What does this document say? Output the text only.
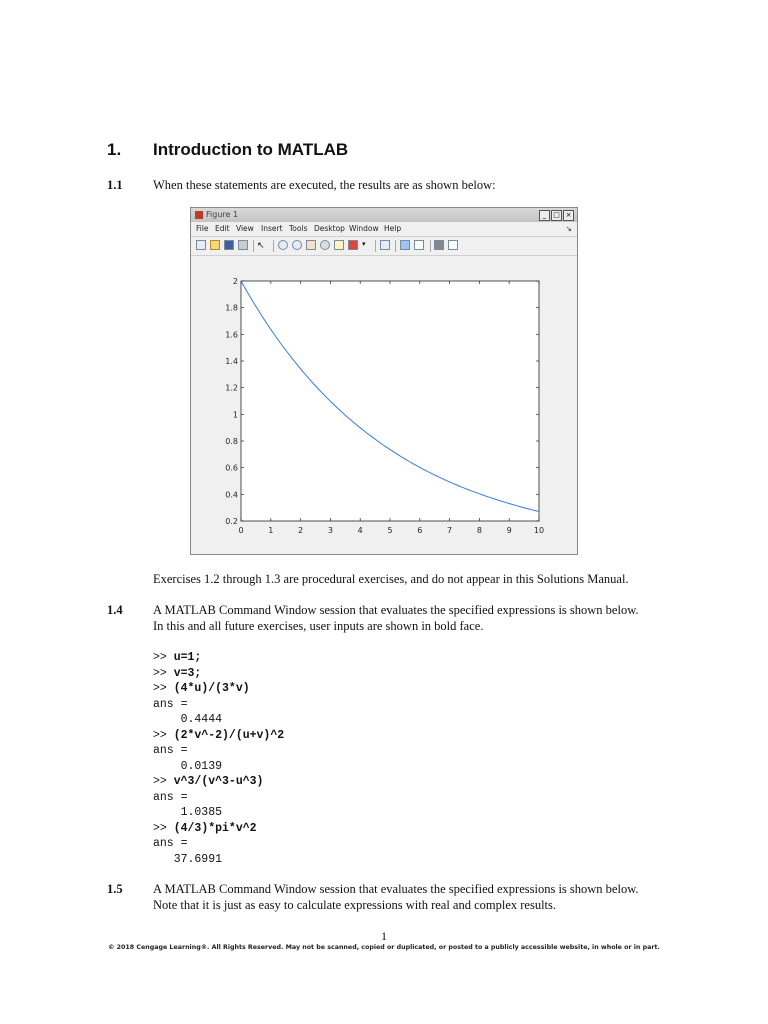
1. Introduction to MATLAB
1.1 When these statements are executed, the results are as shown below:
Figure 1	_ □ ×
File Edit View Insert Tools Desktop Window Help	↘
↖	▾
0	1	2	3	4	5	6	7	8	9	10
0.2
0.4
0.6
0.8
1
1.2
1.4
1.6
1.8
2
Exercises 1.2 through 1.3 are procedural exercises, and do not appear in this Solutions Manual.
1.4 A MATLAB Command Window session that evaluates the specified expressions is shown below.
In this and all future exercises, user inputs are shown in bold face.
>> u=1;
>> v=3;
>> (4*u)/(3*v)
ans =
0.4444
>> (2*v^-2)/(u+v)^2
ans =
0.0139
>> v^3/(v^3-u^3)
ans =
1.0385
>> (4/3)*pi*v^2
ans =
37.6991
1.5 A MATLAB Command Window session that evaluates the specified expressions is shown below.
Note that it is just as easy to calculate expressions with real and complex results.
1
© 2018 Cengage Learning®. All Rights Reserved. May not be scanned, copied or duplicated, or posted to a publicly accessible website, in whole or in part.
